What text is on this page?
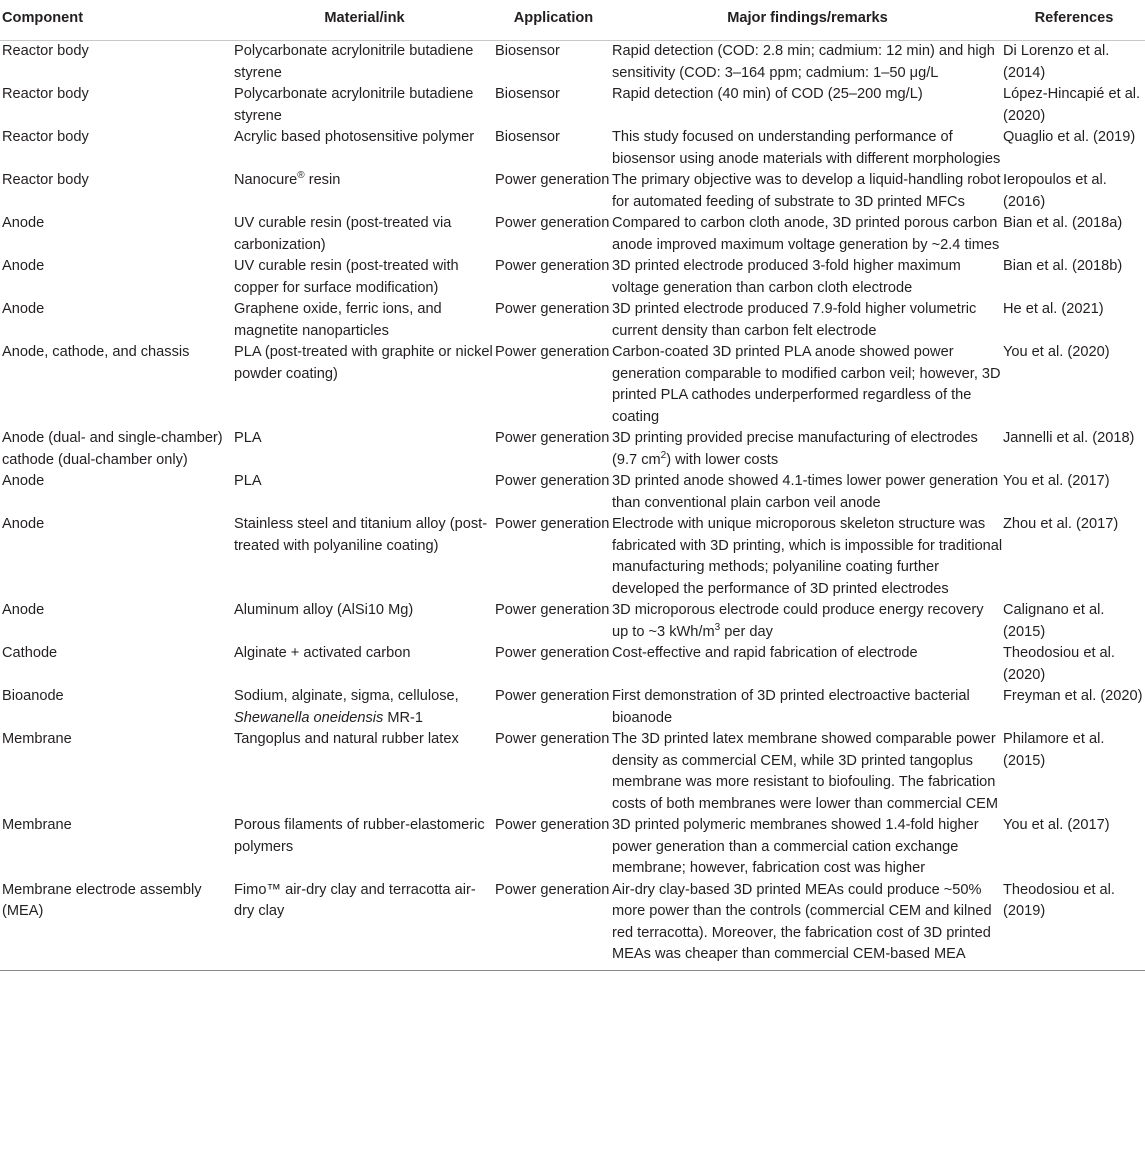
Component	Material/ink	Application	Major findings/remarks	References
Reactor body	Polycarbonate acrylonitrile butadiene styrene	Biosensor	Rapid detection (COD: 2.8 min; cadmium: 12 min) and high sensitivity (COD: 3–164 ppm; cadmium: 1–50 μg/L	Di Lorenzo et al. (2014)
Reactor body	Polycarbonate acrylonitrile butadiene styrene	Biosensor	Rapid detection (40 min) of COD (25–200 mg/L)	López-Hincapié et al. (2020)
Reactor body	Acrylic based photosensitive polymer	Biosensor	This study focused on understanding performance of biosensor using anode materials with different morphologies	Quaglio et al. (2019)
Reactor body	Nanocure® resin	Power generation	The primary objective was to develop a liquid-handling robot for automated feeding of substrate to 3D printed MFCs	Ieropoulos et al. (2016)
Anode	UV curable resin (post-treated via carbonization)	Power generation	Compared to carbon cloth anode, 3D printed porous carbon anode improved maximum voltage generation by ~2.4 times	Bian et al. (2018a)
Anode	UV curable resin (post-treated with copper for surface modification)	Power generation	3D printed electrode produced 3-fold higher maximum voltage generation than carbon cloth electrode	Bian et al. (2018b)
Anode	Graphene oxide, ferric ions, and magnetite nanoparticles	Power generation	3D printed electrode produced 7.9-fold higher volumetric current density than carbon felt electrode	He et al. (2021)
Anode, cathode, and chassis	PLA (post-treated with graphite or nickel powder coating)	Power generation	Carbon-coated 3D printed PLA anode showed power generation comparable to modified carbon veil; however, 3D printed PLA cathodes underperformed regardless of the coating	You et al. (2020)
Anode (dual- and single-chamber) cathode (dual-chamber only)	PLA	Power generation	3D printing provided precise manufacturing of electrodes (9.7 $cm^2$) with lower costs	Jannelli et al. (2018)
Anode	PLA	Power generation	3D printed anode showed 4.1-times lower power generation than conventional plain carbon veil anode	You et al. (2017)
Anode	Stainless steel and titanium alloy (post-treated with polyaniline coating)	Power generation	Electrode with unique microporous skeleton structure was fabricated with 3D printing, which is impossible for traditional manufacturing methods; polyaniline coating further developed the performance of 3D printed electrodes	Zhou et al. (2017)
Anode	Aluminum alloy (AlSi10 Mg)	Power generation	3D microporous electrode could produce energy recovery up to ~3 kWh/$m^3$ per day	Calignano et al. (2015)
Cathode	Alginate + activated carbon	Power generation	Cost-effective and rapid fabrication of electrode	Theodosiou et al. (2020)
Bioanode	Sodium, alginate, sigma, cellulose, Shewanella oneidensis MR-1	Power generation	First demonstration of 3D printed electroactive bacterial bioanode	Freyman et al. (2020)
Membrane	Tangoplus and natural rubber latex	Power generation	The 3D printed latex membrane showed comparable power density as commercial CEM, while 3D printed tangoplus membrane was more resistant to biofouling. The fabrication costs of both membranes were lower than commercial CEM	Philamore et al. (2015)
Membrane	Porous filaments of rubber-elastomeric polymers	Power generation	3D printed polymeric membranes showed 1.4-fold higher power generation than a commercial cation exchange membrane; however, fabrication cost was higher	You et al. (2017)
Membrane electrode assembly (MEA)	Fimo™ air-dry clay and terracotta air-dry clay	Power generation	Air-dry clay-based 3D printed MEAs could produce ~50% more power than the controls (commercial CEM and kilned red terracotta). Moreover, the fabrication cost of 3D printed MEAs was cheaper than commercial CEM-based MEA	Theodosiou et al. (2019)
